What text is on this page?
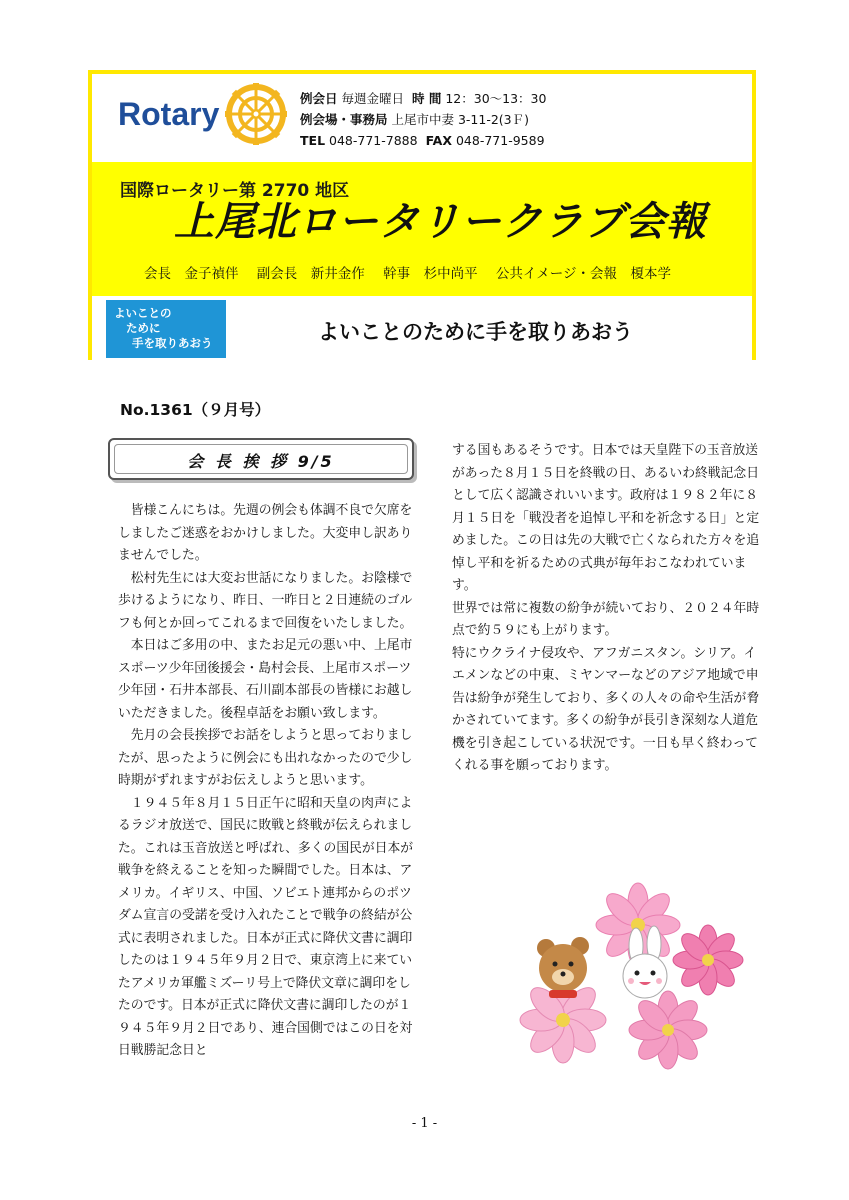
Rotary	例会日 毎週金曜日 時 間 12：30～13：30
例会場・事務局 上尾市中妻 3-11-2(3Ｆ)
TEL 048-771-7888 FAX 048-771-9589
国際ロータリー第 2770 地区
上尾北ロータリークラブ会報
会長　金子禎伴 副会長　新井金作 幹事　杉中尚平 公共イメージ・会報　榎本学
よいことの
ために
手を取りあおう	よいことのために手を取りあおう
No.1361（９月号）
会 長 挨 拶 9/5

皆様こんにちは。先週の例会も体調不良で欠席をしましたご迷惑をおかけしました。大変申し訳ありませんでした。

松村先生には大変お世話になりました。お陰様で歩けるようになり、昨日、一昨日と２日連続のゴルフも何とか回ってこれるまで回復をいたしました。

本日はご多用の中、またお足元の悪い中、上尾市スポーツ少年団後援会・島村会長、上尾市スポーツ少年団・石井本部長、石川副本部長の皆様にお越しいただきました。後程卓話をお願い致します。

先月の会長挨拶でお話をしようと思っておりましたが、思ったように例会にも出れなかったので少し時期がずれますがお伝えしようと思います。

１９４５年８月１５日正午に昭和天皇の肉声によるラジオ放送で、国民に敗戦と終戦が伝えられました。これは玉音放送と呼ばれ、多くの国民が日本が戦争を終えることを知った瞬間でした。日本は、アメリカ。イギリス、中国、ソビエト連邦からのポツダム宣言の受諾を受け入れたことで戦争の終結が公式に表明されました。日本が正式に降伏文書に調印したのは１９４５年９月２日で、東京湾上に来ていたアメリカ軍艦ミズーリ号上で降伏文章に調印をしたのです。日本が正式に降伏文書に調印したのが１９４５年９月２日であり、連合国側ではこの日を対日戦勝記念日と

する国もあるそうです。日本では天皇陛下の玉音放送があった８月１５日を終戦の日、あるいわ終戦記念日として広く認識されいいます。政府は１９８２年に８月１５日を「戦没者を追悼し平和を祈念する日」と定めました。この日は先の大戦で亡くなられた方々を追悼し平和を祈るための式典が毎年おこなわれています。

世界では常に複数の紛争が続いており、２０２４年時点で約５９にも上がります。

特にウクライナ侵攻や、アフガニスタン。シリア。イエメンなどの中東、ミヤンマーなどのアジア地域で申告は紛争が発生しており、多くの人々の命や生活が脅かされていてます。多くの紛争が長引き深刻な人道危機を引き起こしている状況です。一日も早く終わってくれる事を願っております。

- 1 -
